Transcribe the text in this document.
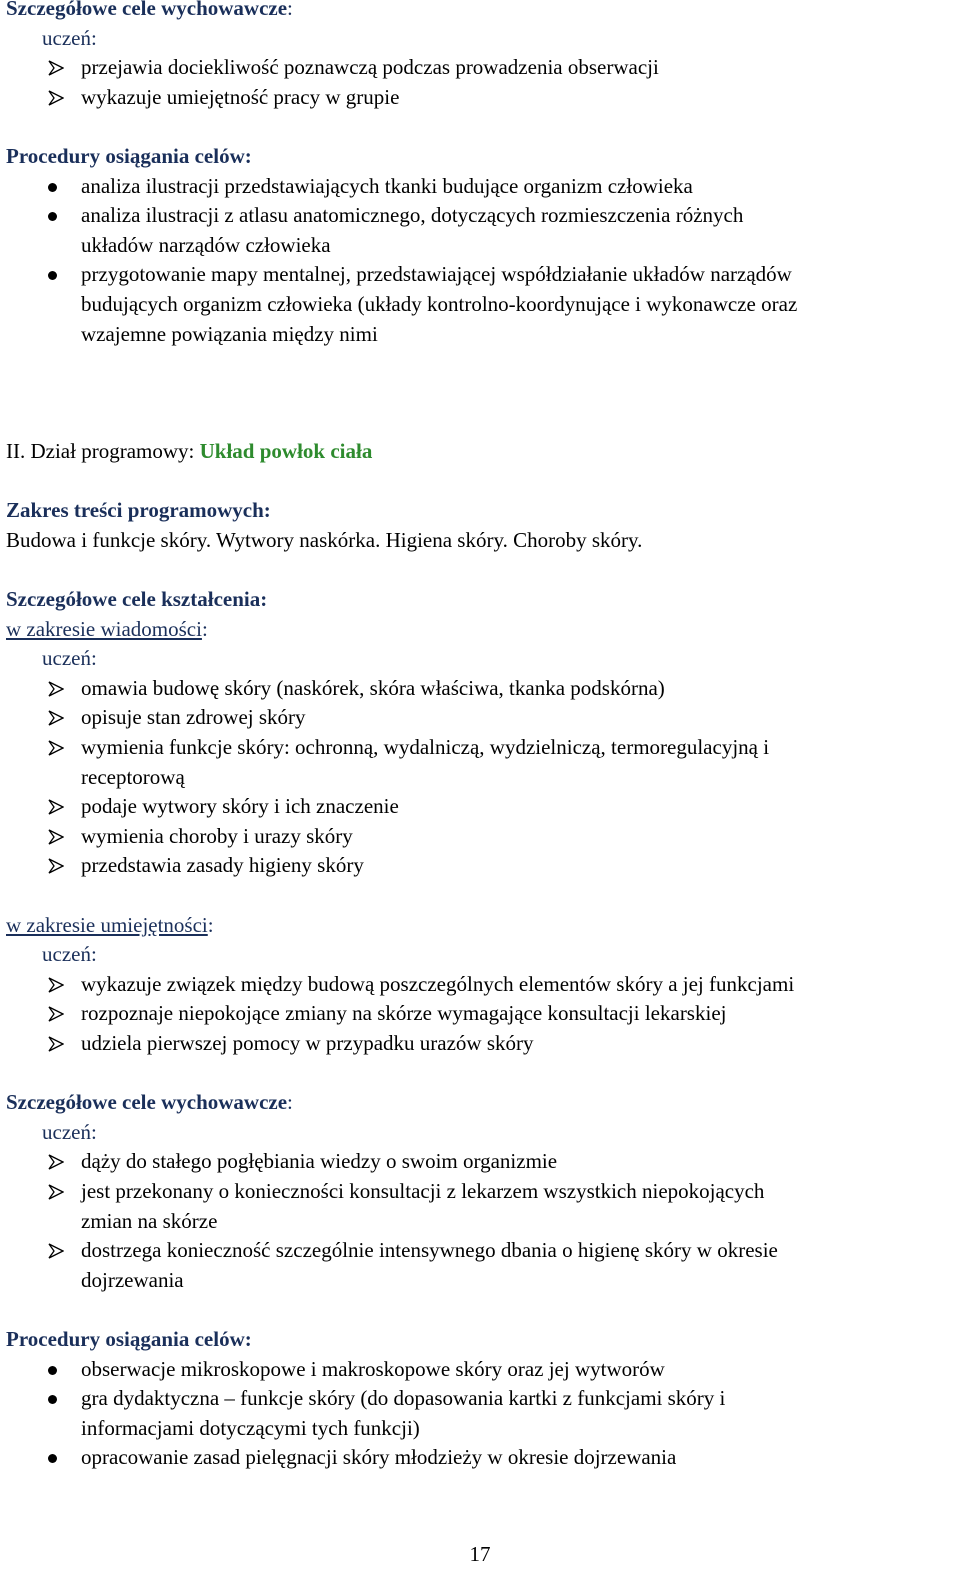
Szczegółowe cele wychowawcze:
uczeń:
przejawia dociekliwość poznawczą podczas prowadzenia obserwacji
wykazuje umiejętność pracy w grupie
Procedury osiągania celów:
analiza ilustracji przedstawiających tkanki budujące organizm człowieka
analiza ilustracji z atlasu anatomicznego, dotyczących rozmieszczenia różnych
układów narządów człowieka
przygotowanie mapy mentalnej, przedstawiającej współdziałanie układów narządów
budujących organizm człowieka (układy kontrolno-koordynujące i wykonawcze oraz
wzajemne powiązania między nimi
II. Dział programowy: Układ powłok ciała
Zakres treści programowych:
Budowa i funkcje skóry. Wytwory naskórka. Higiena skóry. Choroby skóry.
Szczegółowe cele kształcenia:
w zakresie wiadomości:
uczeń:
omawia budowę skóry (naskórek, skóra właściwa, tkanka podskórna)
opisuje stan zdrowej skóry
wymienia funkcje skóry: ochronną, wydalniczą, wydzielniczą, termoregulacyjną i
receptorową
podaje wytwory skóry i ich znaczenie
wymienia choroby i urazy skóry
przedstawia zasady higieny skóry
w zakresie umiejętności:
uczeń:
wykazuje związek między budową poszczególnych elementów skóry a jej funkcjami
rozpoznaje niepokojące zmiany na skórze wymagające konsultacji lekarskiej
udziela pierwszej pomocy w przypadku urazów skóry
Szczegółowe cele wychowawcze:
uczeń:
dąży do stałego pogłębiania wiedzy o swoim organizmie
jest przekonany o konieczności konsultacji z lekarzem wszystkich niepokojących
zmian na skórze
dostrzega konieczność szczególnie intensywnego dbania o higienę skóry w okresie
dojrzewania
Procedury osiągania celów:
obserwacje mikroskopowe i makroskopowe skóry oraz jej wytworów
gra dydaktyczna – funkcje skóry (do dopasowania kartki z funkcjami skóry i
informacjami dotyczącymi tych funkcji)
opracowanie zasad pielęgnacji skóry młodzieży w okresie dojrzewania
17
